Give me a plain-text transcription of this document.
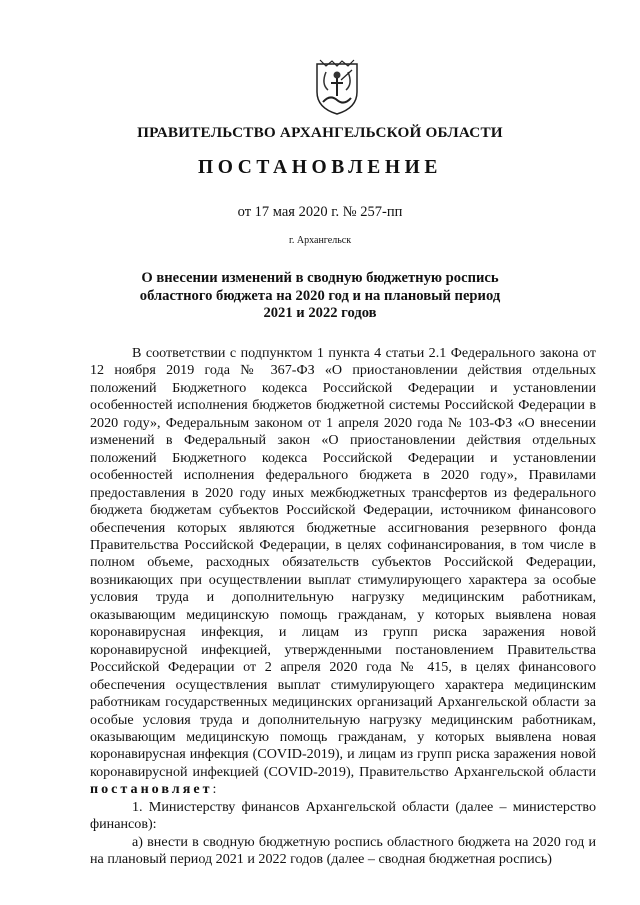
ПРАВИТЕЛЬСТВО АРХАНГЕЛЬСКОЙ ОБЛАСТИ
ПОСТАНОВЛЕНИЕ
от 17 мая 2020 г. № 257-пп
г. Архангельск
О внесении изменений в сводную бюджетную роспись
областного бюджета на 2020 год и на плановый период
2021 и 2022 годов

В соответствии с подпунктом 1 пункта 4 статьи 2.1 Федерального закона от 12 ноября 2019 года № 367-ФЗ «О приостановлении действия отдельных положений Бюджетного кодекса Российской Федерации и установлении особенностей исполнения бюджетов бюджетной системы Российской Федерации в 2020 году», Федеральным законом от 1 апреля 2020 года № 103-ФЗ «О внесении изменений в Федеральный закон «О приостановлении действия отдельных положений Бюджетного кодекса Российской Федерации и установлении особенностей исполнения федерального бюджета в 2020 году», Правилами предоставления в 2020 году иных межбюджетных трансфертов из федерального бюджета бюджетам субъектов Российской Федерации, источником финансового обеспечения которых являются бюджетные ассигнования резервного фонда Правительства Российской Федерации, в целях софинансирования, в том числе в полном объеме, расходных обязательств субъектов Российской Федерации, возникающих при осуществлении выплат стимулирующего характера за особые условия труда и дополнительную нагрузку медицинским работникам, оказывающим медицинскую помощь гражданам, у которых выявлена новая коронавирусная инфекция, и лицам из групп риска заражения новой коронавирусной инфекцией, утвержденными постановлением Правительства Российской Федерации от 2 апреля 2020 года № 415, в целях финансового обеспечения осуществления выплат стимулирующего характера медицинским работникам государственных медицинских организаций Архангельской области за особые условия труда и дополнительную нагрузку медицинским работникам, оказывающим медицинскую помощь гражданам, у которых выявлена новая коронавирусная инфекция (COVID-2019), и лицам из групп риска заражения новой коронавирусной инфекцией (COVID-2019), Правительство Архангельской области постановляет:

1. Министерству финансов Архангельской области (далее – министерство финансов):

а) внести в сводную бюджетную роспись областного бюджета на 2020 год и на плановый период 2021 и 2022 годов (далее – сводная бюджетная роспись)
